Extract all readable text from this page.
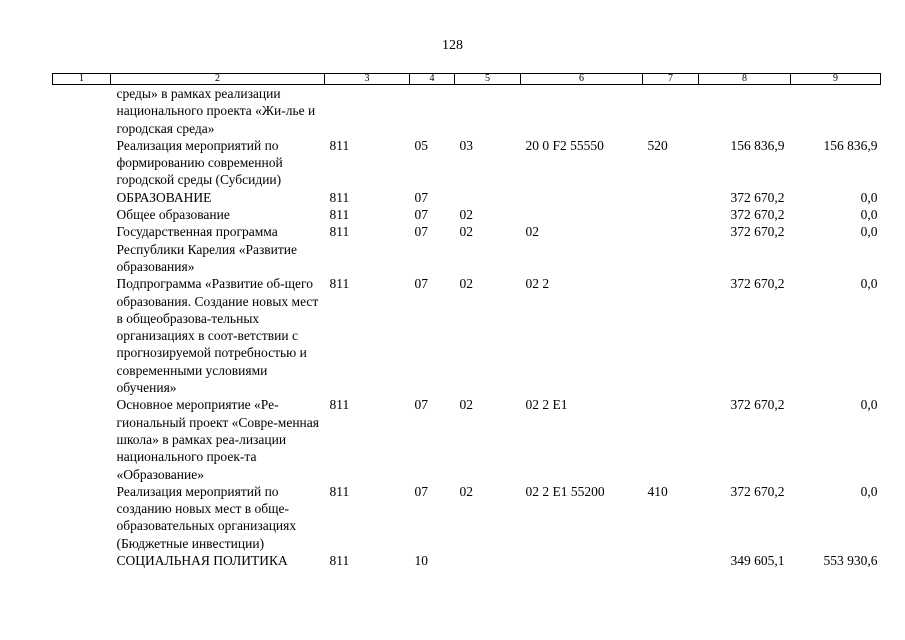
128
1	2	3	4	5	6	7	8	9
	среды» в рамках реализации национального проекта «Жи-лье и городская среда»							
	Реализация мероприятий по формированию современной городской среды (Субсидии)	811	05	03	20 0 F2 55550	520	156 836,9	156 836,9
	ОБРАЗОВАНИЕ	811	07				372 670,2	0,0
	Общее образование	811	07	02			372 670,2	0,0
	Государственная программа Республики Карелия «Развитие образования»	811	07	02	02		372 670,2	0,0
	Подпрограмма «Развитие об-щего образования. Создание новых мест в общеобразова-тельных организациях в соот-ветствии с прогнозируемой потребностью и современными условиями обучения»	811	07	02	02 2		372 670,2	0,0
	Основное мероприятие «Ре-гиональный проект «Совре-менная школа» в рамках реа-лизации национального проек-та «Образование»	811	07	02	02 2 E1		372 670,2	0,0
	Реализация мероприятий по созданию новых мест в обще-образовательных организациях (Бюджетные инвестиции)	811	07	02	02 2 E1 55200	410	372 670,2	0,0
	СОЦИАЛЬНАЯ ПОЛИТИКА	811	10				349 605,1	553 930,6
